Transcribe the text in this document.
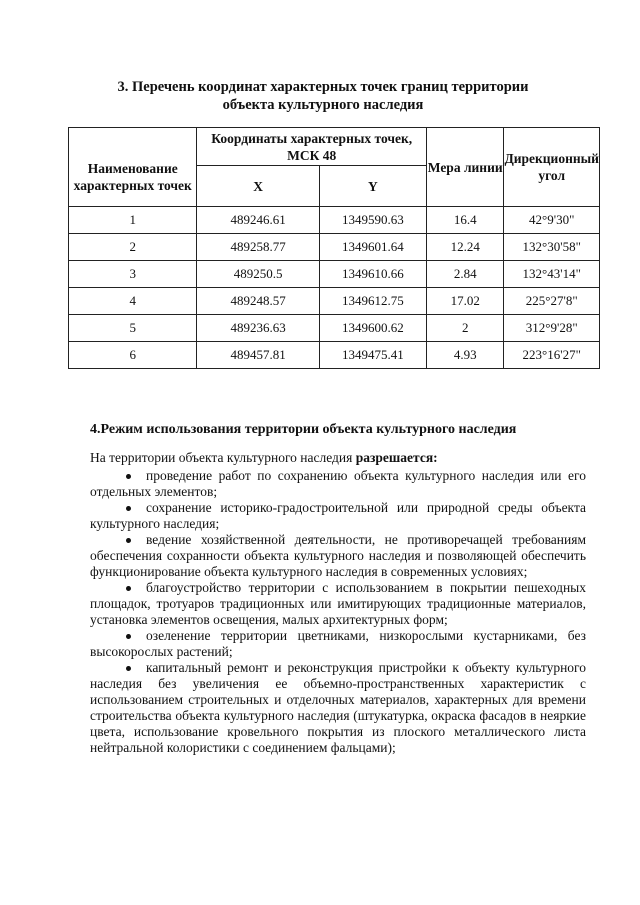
3. Перечень координат характерных точек границ территории
объекта культурного наследия
Наименование характерных точек	Координаты характерных точек, МСК 48		Мера линии	Дирекционный угол
	X	Y		
1	489246.61	1349590.63	16.4	42°9'30"
2	489258.77	1349601.64	12.24	132°30'58"
3	489250.5	1349610.66	2.84	132°43'14"
4	489248.57	1349612.75	17.02	225°27'8"
5	489236.63	1349600.62	2	312°9'28"
6	489457.81	1349475.41	4.93	223°16'27"
4.Режим использования территории объекта культурного наследия

На территории объекта культурного наследия разрешается:

проведение работ по сохранению объекта культурного наследия или его отдельных элементов;

сохранение историко-градостроительной или природной среды объекта культурного наследия;

ведение хозяйственной деятельности, не противоречащей требованиям обеспечения сохранности объекта культурного наследия и позволяющей обеспечить функционирование объекта культурного наследия в современных условиях;

благоустройство территории с использованием в покрытии пешеходных площадок, тротуаров традиционных или имитирующих традиционные материалов, установка элементов освещения, малых архитектурных форм;

озеленение территории цветниками, низкорослыми кустарниками, без высокорослых растений;

капитальный ремонт и реконструкция пристройки к объекту культурного наследия без увеличения ее объемно-пространственных характеристик с использованием строительных и отделочных материалов, характерных для времени строительства объекта культурного наследия (штукатурка, окраска фасадов в неяркие цвета, использование кровельного покрытия из плоского металлического листа нейтральной колористики с соединением фальцами);
